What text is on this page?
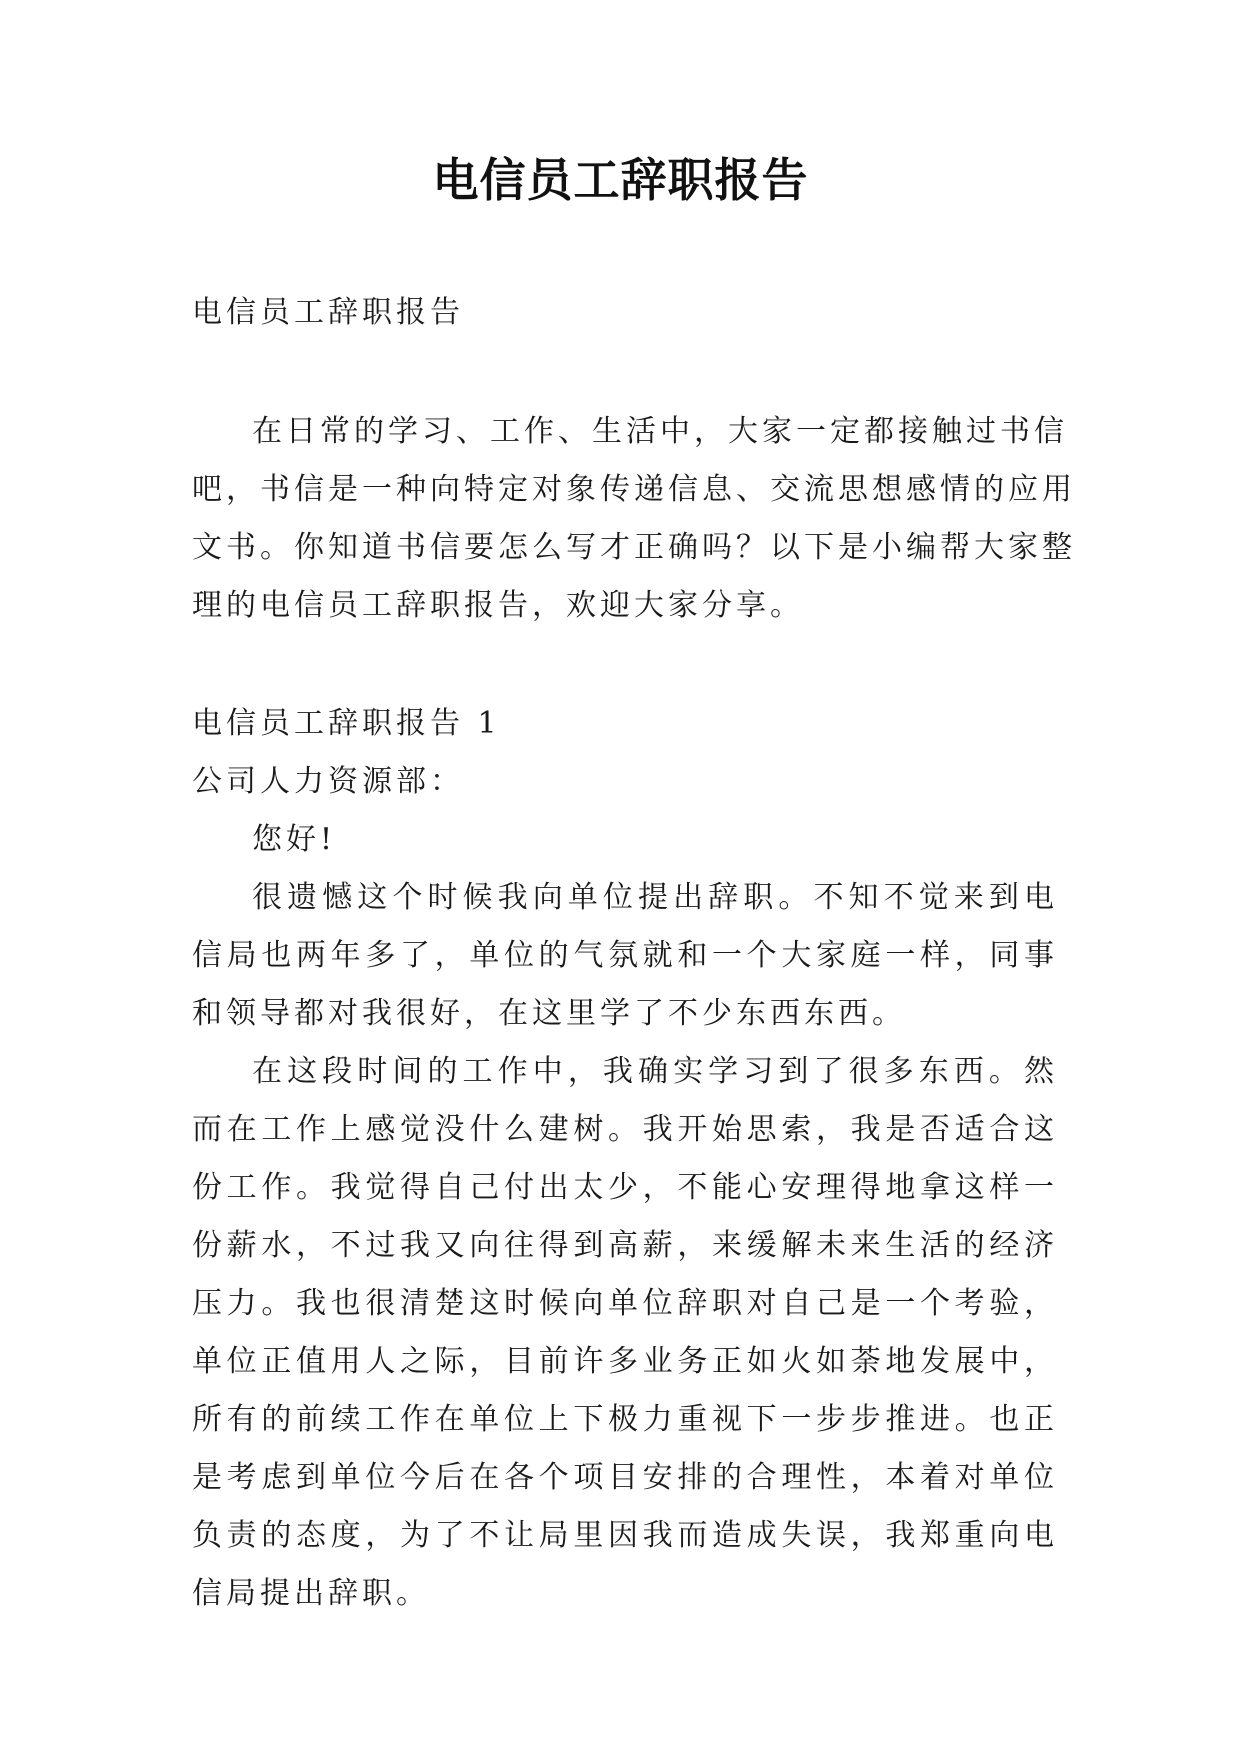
电信员工辞职报告

电信员工辞职报告

在日常的学习、工作、生活中，大家一定都接触过书信
吧，书信是一种向特定对象传递信息、交流思想感情的应用
文书。你知道书信要怎么写才正确吗？以下是小编帮大家整
理的电信员工辞职报告，欢迎大家分享。

电信员工辞职报告 1

公司人力资源部：

您好!

很遗憾这个时候我向单位提出辞职。不知不觉来到电信局也两年多了，单位的气氛就和一个大家庭一样，同事和领导都对我很好，在这里学了不少东西东西。

在这段时间的工作中，我确实学习到了很多东西。然而在工作上感觉没什么建树。我开始思索，我是否适合这份工作。我觉得自己付出太少，不能心安理得地拿这样一份薪水，不过我又向往得到高薪，来缓解未来生活的经济压力。我也很清楚这时候向单位辞职对自己是一个考验，单位正值用人之际，目前许多业务正如火如荼地发展中，所有的前续工作在单位上下极力重视下一步步推进。也正是考虑到单位今后在各个项目安排的合理性，本着对单位负责的态度，为了不让局里因我而造成失误，我郑重向电信局提出辞职。
